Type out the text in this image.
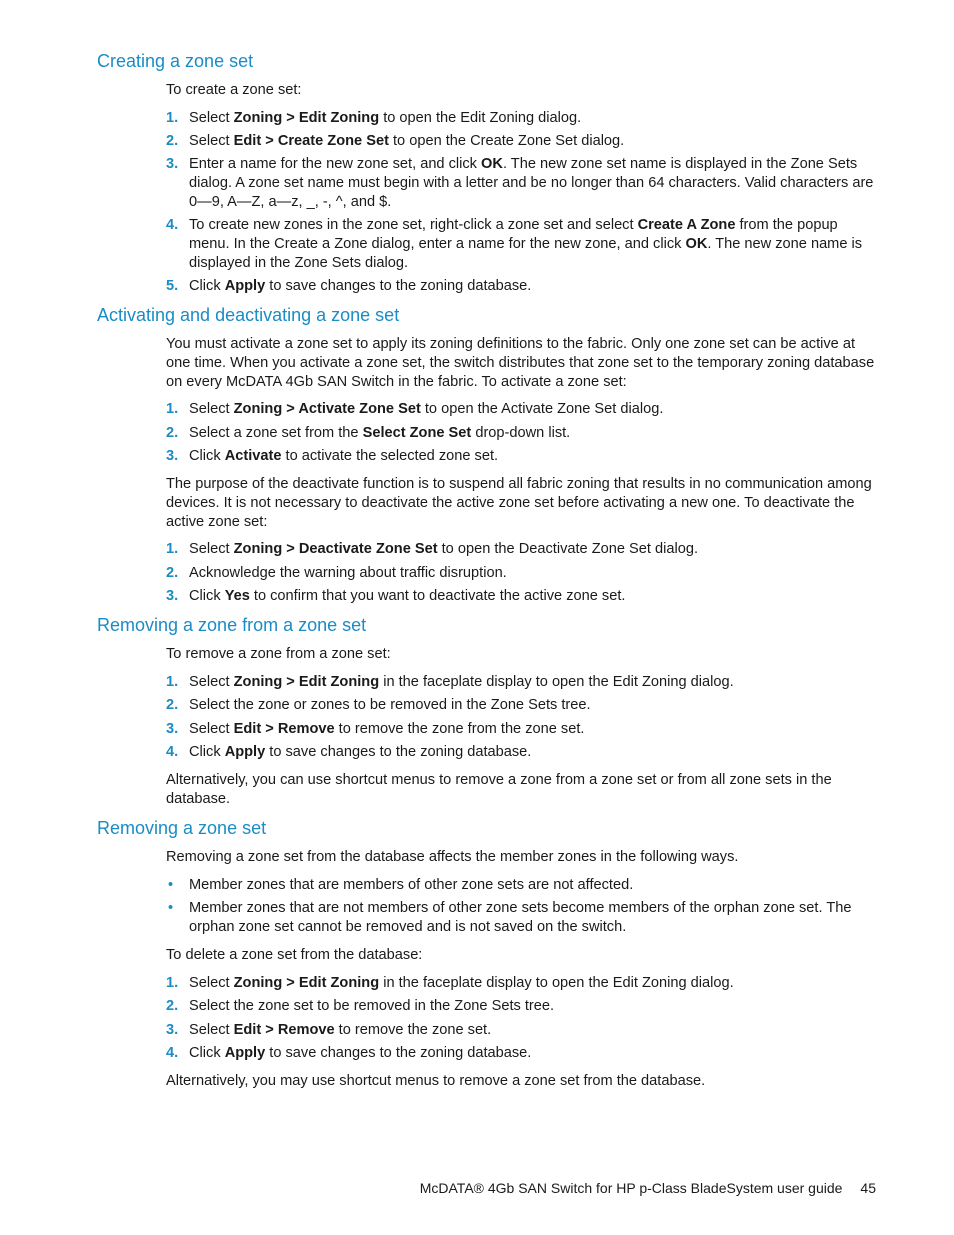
Creating a zone set

To create a zone set:

1. Select Zoning > Edit Zoning to open the Edit Zoning dialog.
2. Select Edit > Create Zone Set to open the Create Zone Set dialog.
3. Enter a name for the new zone set, and click OK. The new zone set name is displayed in the Zone Sets dialog. A zone set name must begin with a letter and be no longer than 64 characters. Valid characters are 0—9, A—Z, a—z, _, -, ^, and $.
4. To create new zones in the zone set, right-click a zone set and select Create A Zone from the popup menu. In the Create a Zone dialog, enter a name for the new zone, and click OK. The new zone name is displayed in the Zone Sets dialog.
5. Click Apply to save changes to the zoning database.
Activating and deactivating a zone set

You must activate a zone set to apply its zoning definitions to the fabric. Only one zone set can be active at one time. When you activate a zone set, the switch distributes that zone set to the temporary zoning database on every McDATA 4Gb SAN Switch in the fabric. To activate a zone set:

1. Select Zoning > Activate Zone Set to open the Activate Zone Set dialog.
2. Select a zone set from the Select Zone Set drop-down list.
3. Click Activate to activate the selected zone set.

The purpose of the deactivate function is to suspend all fabric zoning that results in no communication among devices. It is not necessary to deactivate the active zone set before activating a new one. To deactivate the active zone set:

1. Select Zoning > Deactivate Zone Set to open the Deactivate Zone Set dialog.
2. Acknowledge the warning about traffic disruption.
3. Click Yes to confirm that you want to deactivate the active zone set.
Removing a zone from a zone set

To remove a zone from a zone set:

1. Select Zoning > Edit Zoning in the faceplate display to open the Edit Zoning dialog.
2. Select the zone or zones to be removed in the Zone Sets tree.
3. Select Edit > Remove to remove the zone from the zone set.
4. Click Apply to save changes to the zoning database.

Alternatively, you can use shortcut menus to remove a zone from a zone set or from all zone sets in the database.

Removing a zone set

Removing a zone set from the database affects the member zones in the following ways.

•	Member zones that are members of other zone sets are not affected.
•	Member zones that are not members of other zone sets become members of the orphan zone set. The orphan zone set cannot be removed and is not saved on the switch.

To delete a zone set from the database:

1. Select Zoning > Edit Zoning in the faceplate display to open the Edit Zoning dialog.
2. Select the zone set to be removed in the Zone Sets tree.
3. Select Edit > Remove to remove the zone set.
4. Click Apply to save changes to the zoning database.

Alternatively, you may use shortcut menus to remove a zone set from the database.

McDATA® 4Gb SAN Switch for HP p-Class BladeSystem user guide 45
